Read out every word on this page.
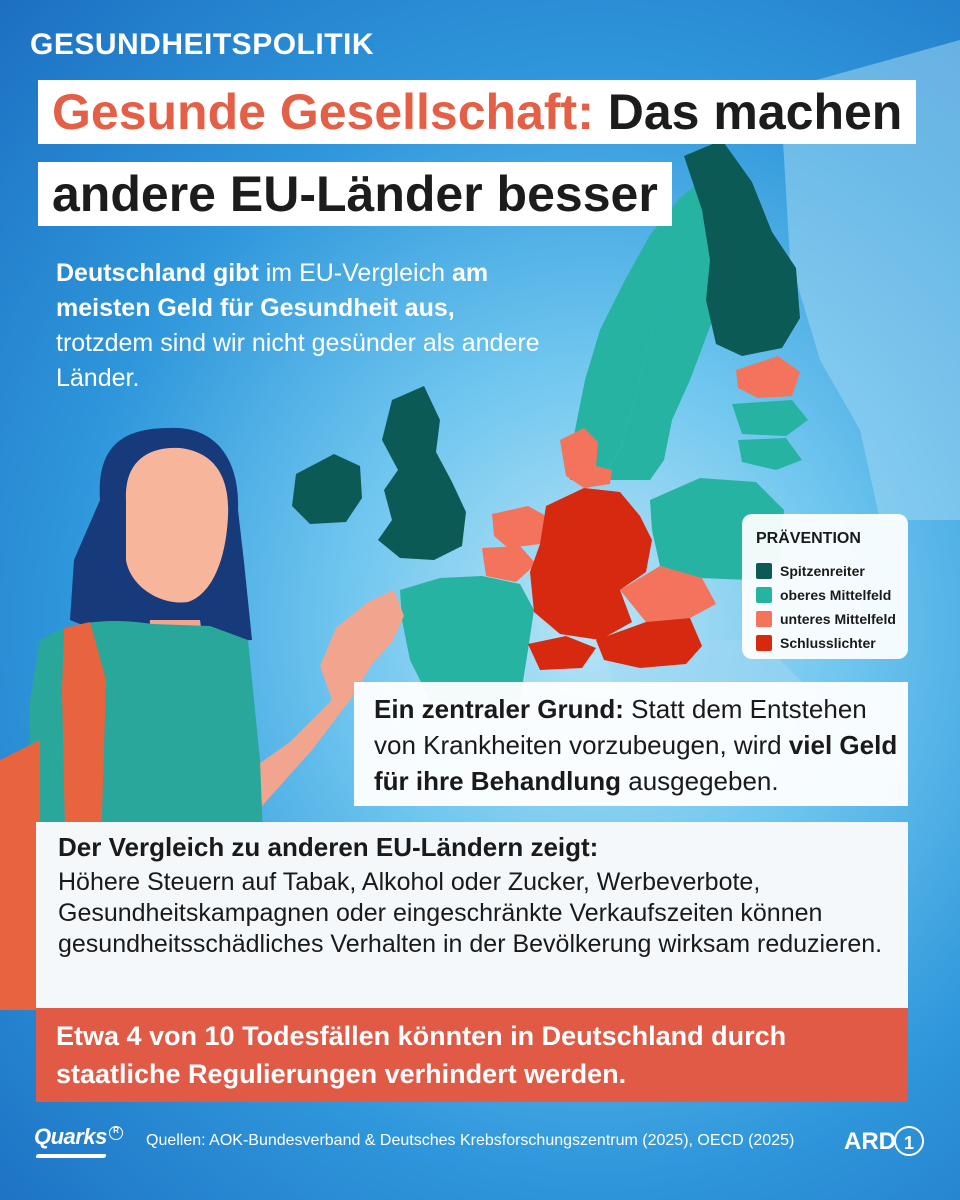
GESUNDHEITSPOLITIK
Gesunde Gesellschaft: Das machen
andere EU-Länder besser

Deutschland gibt im EU-Vergleich am meisten Geld für Gesundheit aus, trotzdem sind wir nicht gesünder als andere Länder.

PRÄVENTION
Spitzenreiter
oberes Mittelfeld
unteres Mittelfeld
Schlusslichter

Ein zentraler Grund: Statt dem Entstehen von Krankheiten vorzubeugen, wird viel Geld für ihre Behandlung ausgegeben.

Der Vergleich zu anderen EU-Ländern zeigt:

Höhere Steuern auf Tabak, Alkohol oder Zucker, Werbeverbote, Gesundheitskampagnen oder eingeschränkte Verkaufszeiten können gesundheitsschädliches Verhalten in der Bevölkerung wirksam reduzieren.

Etwa 4 von 10 Todesfällen könnten in Deutschland durch staatliche Regulierungen verhindert werden.

Quarks R
Quellen: AOK-Bundesverband & Deutsches Krebsforschungszentrum (2025), OECD (2025) ARD 1
